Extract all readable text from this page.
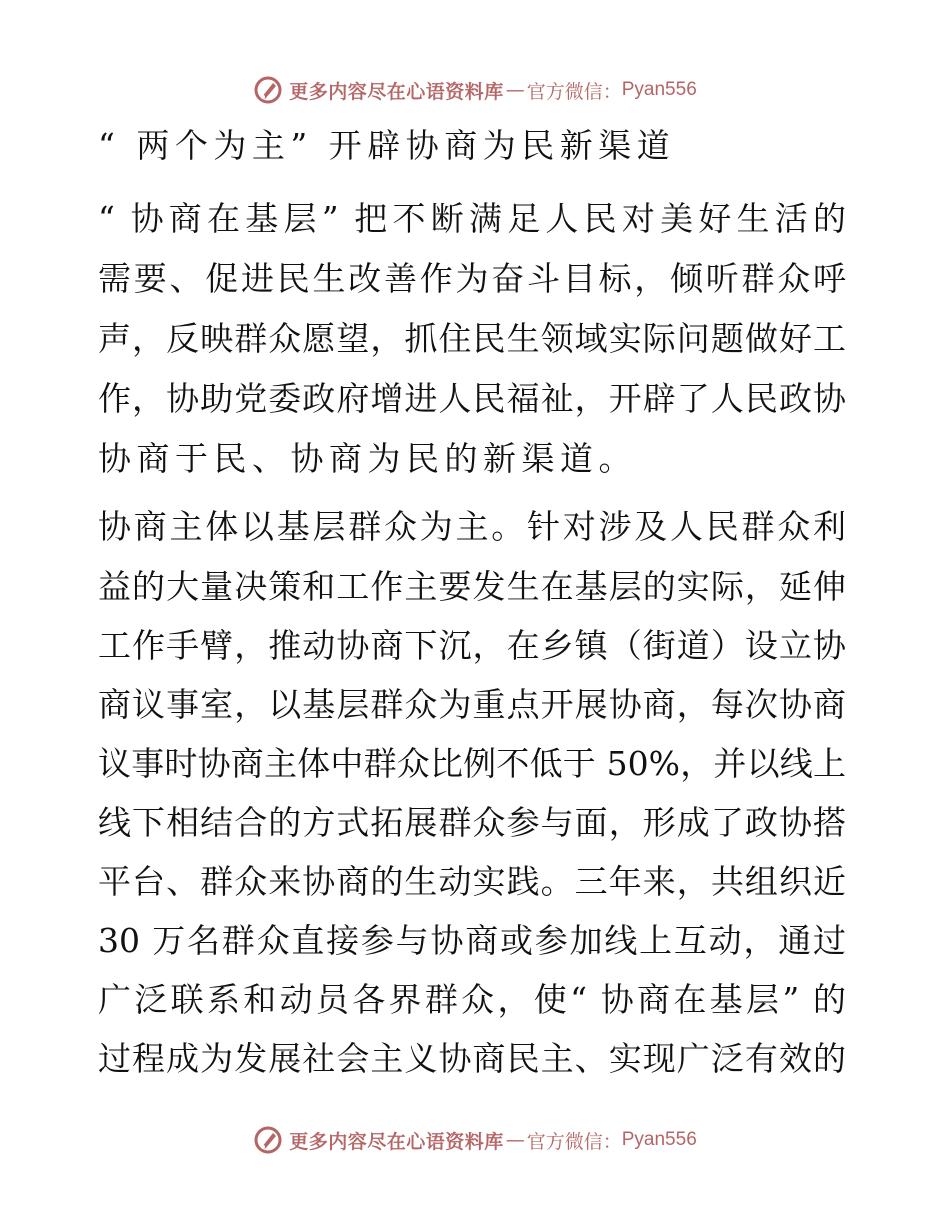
更多内容尽在心语资料库 — 官方微信： Pyan556
“ 两个为主” 开辟协商为民新渠道
“ 协商在基层” 把不断满足人民对美好生活的
需要、促进民生改善作为奋斗目标，倾听群众呼
声，反映群众愿望，抓住民生领域实际问题做好工
作，协助党委政府增进人民福祉，开辟了人民政协
协商于民、协商为民的新渠道。
协商主体以基层群众为主。针对涉及人民群众利
益的大量决策和工作主要发生在基层的实际，延伸
工作手臂，推动协商下沉，在乡镇（街道）设立协
商议事室，以基层群众为重点开展协商，每次协商
议事时协商主体中群众比例不低于 50%，并以线上
线下相结合的方式拓展群众参与面，形成了政协搭
平台、群众来协商的生动实践。三年来，共组织近
30 万名群众直接参与协商或参加线上互动，通过
广泛联系和动员各界群众，使“ 协商在基层” 的
过程成为发展社会主义协商民主、实现广泛有效的
更多内容尽在心语资料库 — 官方微信： Pyan556
